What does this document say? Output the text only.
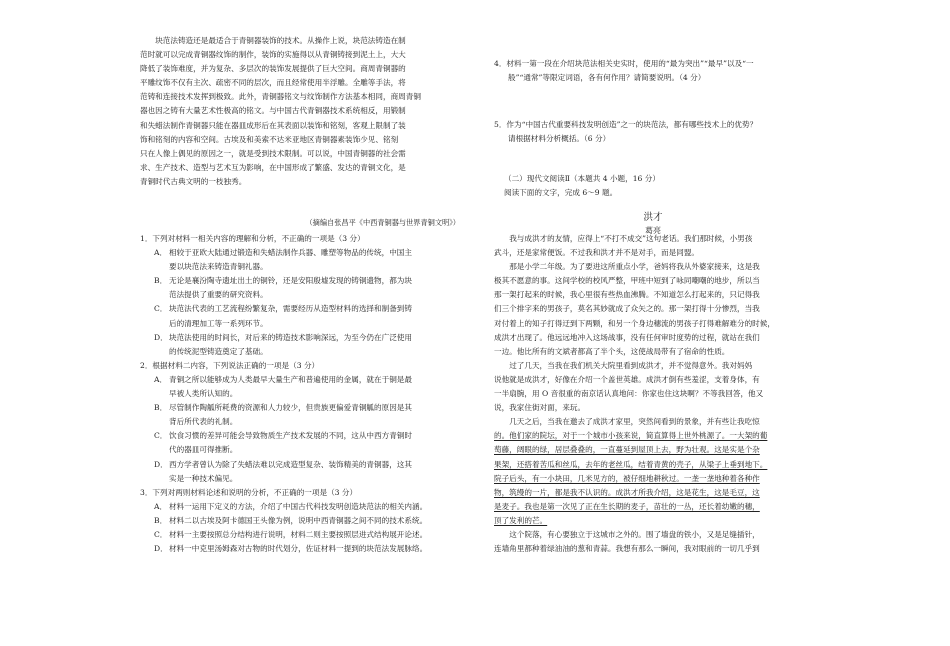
块范法铸造还是最适合于青铜器装饰的技术。从操作上说，块范法铸造在制

范时就可以完成青铜器纹饰的制作，装饰的实施得以从青铜铸接到泥土上，大大

降低了装饰难度，并为复杂、多层次的装饰发展提供了巨大空间。商周青铜器的

平雕纹饰不仅有主次、疏密不同的层次，而且经常使用半浮雕。全雕等手法，将

范铸和连接技术发挥到极致。此外，青铜器铭文与纹饰制作方法基本相同，商周青铜

器也因之铸有大量艺术性极高的铭文。与中国古代青铜器技术系统相反，用锻制

和失蜡法制作青铜器只能在器皿成形后在其表面以装饰和铭刻，客观上限制了装

饰和铭刻的内容和空间。古埃及和美索不达米亚地区青铜器素装饰少见、铭刻

只在人像上偶见的原因之一，就是受到技术限制。可以说，中国青铜器的社会需

求、生产技术、造型与艺术互为影响，在中国形成了繁盛、发达的青铜文化，是

青铜时代古典文明的一枝独秀。

（摘编自张昌平《中西青铜器与世界青铜文明》）

1．下列对材料一相关内容的理解和分析，不正确的一项是（3 分）

A． 相较于亚欧大陆通过锻造和失蜡法制作兵器、雕塑等物品的传统，中国主
要以块范法来铸造青铜礼器。
B． 无论是襄汾陶寺遗址出土的铜铃，还是安阳殷墟发现的铸铜遗物，都为块
范法提供了重要的研究资料。
C． 块范法代表的工艺流程纷繁复杂，需要经历从造型材料的选择和制备到铸
后的清理加工等一系列环节。
D．块范法使用的时间长，对后来的铸造技术影响深远，为至今仍在广泛使用
的传统泥型铸造奠定了基础。

2．根据材料二内容，下列说法正确的一项是（3 分）

A． 青铜之所以能够成为人类最早大量生产和普遍使用的金属，就在于铜是最
早被人类所认知的。
B． 尽管制作陶觚所耗费的资源和人力较少，但贵族更偏爱青铜觚的原因是其
背后所代表的礼制。
C． 饮食习惯的差异可能会导致物质生产技术发展的不同，这从中西方青铜时
代的器皿可得推断。
D．西方学者曾认为除了失蜡法难以完成造型复杂、装饰精美的青铜器，这其
实是一种技术偏见。

3．下列对两则材料论述和说明的分析，不正确的一项是（3 分）

A． 材料一运用下定义的方法，介绍了中国古代科技发明创造块范法的相关内涵。
B． 材料二以古埃及阿卡德国王头像为例，说明中西青铜器之间不同的技术系统。
C． 材料一主要按照总分结构进行说明，材料二则主要按照层进式结构展开论述。
D．材料一中克里汤姆森对古物的时代划分，佐证材料一提到的块范法发展脉络。

4．材料一第一段在介绍块范法相关史实时，使用的“最为突出”“最早”以及“一

般”“通常”等限定词语，各有何作用？请简要说明。（4 分）

5．作为“中国古代重要科技发明创造”之一的块范法，都有哪些技术上的优势？

请根据材料分析概括。（6 分）

（二）现代文阅读Ⅱ（本题共 4 小题，16 分）

阅读下面的文字，完成 6～9 题。

洪才

葛亮

我与成洪才的友情，应得上“不打不成交”这句老话。我们那时候，小男孩

武斗，还是家常便饭。不过我和洪才并不是对手，而是同盟。

那是小学二年级。为了要进这所重点小学，爸妈将我从外婆家接来，这是我

极其不愿意的事。这间学校的校风严整，甲班中短到了咏同嘲嘲的地步，所以当

那一架打起来的时候，我心里很有些热血沸腾。不知道怎么打起来的，只记得我

们三个排字来的男孩子，莫名其妙就成了众矢之的。那一架打得十分惨烈，当我

对付着上的知子打得迂到下两颗，和另一个身边穗流的男孩子打得难解难分的时候，

成洪才出现了。他远远地冲入这场战事，没有任何审时度势的过程，就站在我们

一边。他比所有的文斌者都高了半个头，这使战局带有了宿命的性质。

过了几天，当我在我们机关大院里看到成洪才，并不觉得意外。我对妈妈

说他就是成洪才，好像在介绍一个盖世英雄。成洪才倒有些羞涩，支着身体，有

一半扇腕，用 O 音很重的南京话认真地问：你家也住这块啊？不等我回答，他又

说，我家住街对面，来玩。

几天之后，当我在邀去了成洪才家里，突然间看到的景象，并有些让我吃惊

的。他们家的院坛，对于一个城市小孩来说，简直算得上世外桃源了。一大架的葡

萄藤，阔眼的绿，居层叠叠的，一直蔓延到屋顶上去，野为壮观。这是实是个杂

果架，还搭着苦瓜和丝瓜，去年的老丝瓜，结着青黄的壳子，从梁子上垂到地下。

院子后头，有一小块田，几米见方的，被仔细地耕秋过。一垄一垄地种着各种作

物，筑缦的一片，都是我不认识的。成洪才所我介绍，这是花生，这是毛豆，这

是麦子。我也是第一次见了正在生长期的麦子，苗壮的一丛，还长着幼嫩的穗，

顶了发利的芒。

这个院落，有心要独立于这城市之外的。围了墙盘的铁小，又是足缝插针，

连墙角里都种着绿油油的葱和青蒜。我想有那么一瞬间，我对眼前的一切几乎到
